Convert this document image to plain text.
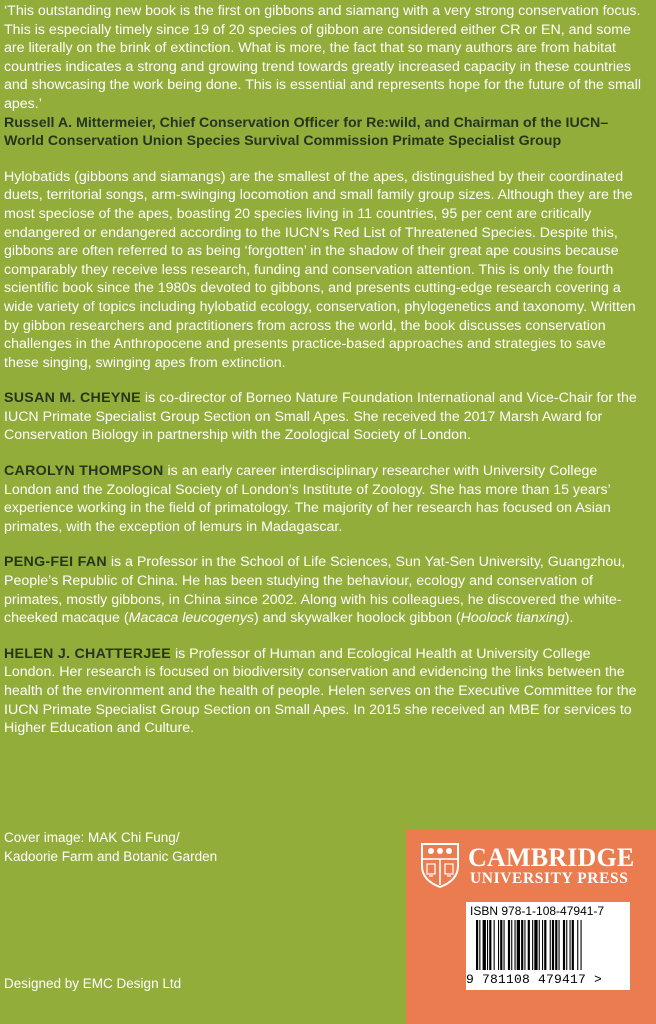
‘This outstanding new book is the first on gibbons and siamang with a very strong conservation focus. This is especially timely since 19 of 20 species of gibbon are considered either CR or EN, and some are literally on the brink of extinction. What is more, the fact that so many authors are from habitat countries indicates a strong and growing trend towards greatly increased capacity in these countries and showcasing the work being done. This is essential and represents hope for the future of the small apes.’

Russell A. Mittermeier, Chief Conservation Officer for Re:wild, and Chairman of the IUCN–World Conservation Union Species Survival Commission Primate Specialist Group

Hylobatids (gibbons and siamangs) are the smallest of the apes, distinguished by their coordinated duets, territorial songs, arm-swinging locomotion and small family group sizes. Although they are the most speciose of the apes, boasting 20 species living in 11 countries, 95 per cent are critically endangered or endangered according to the IUCN’s Red List of Threatened Species. Despite this, gibbons are often referred to as being ‘forgotten’ in the shadow of their great ape cousins because comparably they receive less research, funding and conservation attention. This is only the fourth scientific book since the 1980s devoted to gibbons, and presents cutting-edge research covering a wide variety of topics including hylobatid ecology, conservation, phylogenetics and taxonomy. Written by gibbon researchers and practitioners from across the world, the book discusses conservation challenges in the Anthropocene and presents practice-based approaches and strategies to save these singing, swinging apes from extinction.

SUSAN M. CHEYNE is co-director of Borneo Nature Foundation International and Vice-Chair for the IUCN Primate Specialist Group Section on Small Apes. She received the 2017 Marsh Award for Conservation Biology in partnership with the Zoological Society of London.

CAROLYN THOMPSON is an early career interdisciplinary researcher with University College London and the Zoological Society of London’s Institute of Zoology. She has more than 15 years’ experience working in the field of primatology. The majority of her research has focused on Asian primates, with the exception of lemurs in Madagascar.

PENG-FEI FAN is a Professor in the School of Life Sciences, Sun Yat-Sen University, Guangzhou, People’s Republic of China. He has been studying the behaviour, ecology and conservation of primates, mostly gibbons, in China since 2002. Along with his colleagues, he discovered the white-cheeked macaque (Macaca leucogenys) and skywalker hoolock gibbon (Hoolock tianxing).

HELEN J. CHATTERJEE is Professor of Human and Ecological Health at University College London. Her research is focused on biodiversity conservation and evidencing the links between the health of the environment and the health of people. Helen serves on the Executive Committee for the IUCN Primate Specialist Group Section on Small Apes. In 2015 she received an MBE for services to Higher Education and Culture.

Cover image: MAK Chi Fung/
Kadoorie Farm and Botanic Garden
Designed by EMC Design Ltd
CAMBRIDGE
UNIVERSITY PRESS
ISBN 978-1-108-47941-7
9 781108 479417 >
